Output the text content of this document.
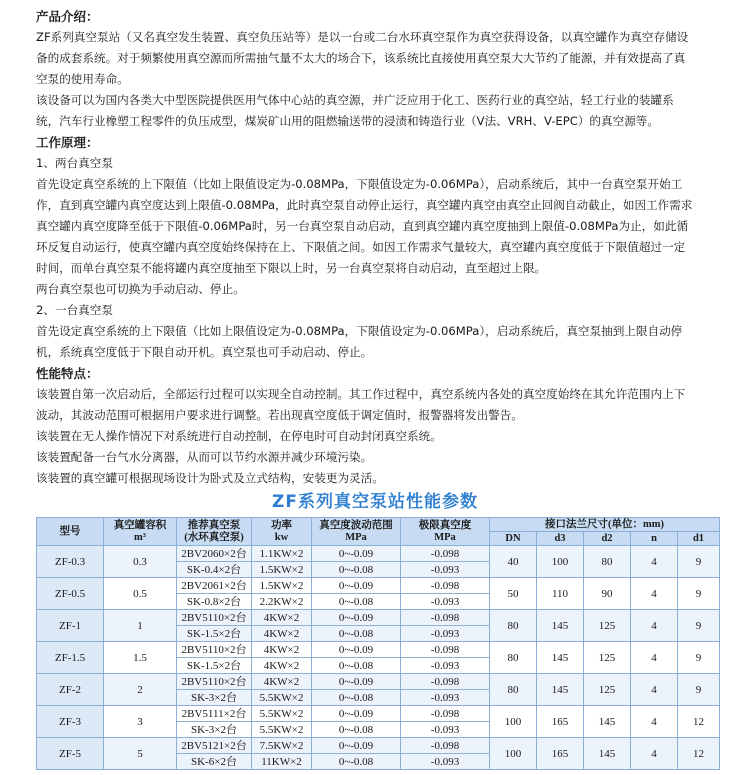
产品介绍：
ZF系列真空泵站（又名真空发生装置、真空负压站等）是以一台或二台水环真空泵作为真空获得设备，以真空罐作为真空存储设
备的成套系统。对于频繁使用真空源而所需抽气量不太大的场合下，该系统比直接使用真空泵大大节约了能源，并有效提高了真
空泵的使用寿命。
该设备可以为国内各类大中型医院提供医用气体中心站的真空源，并广泛应用于化工、医药行业的真空站，轻工行业的装罐系
统，汽车行业橡塑工程零件的负压成型，煤炭矿山用的阻燃输送带的浸渍和铸造行业（V法、VRH、V-EPC）的真空源等。
工作原理：
1、两台真空泵
首先设定真空系统的上下限值（比如上限值设定为-0.08MPa，下限值设定为-0.06MPa），启动系统后，其中一台真空泵开始工
作，直到真空罐内真空度达到上限值-0.08MPa，此时真空泵自动停止运行，真空罐内真空由真空止回阀自动截止，如因工作需求
真空罐内真空度降至低于下限值-0.06MPa时，另一台真空泵自动启动，直到真空罐内真空度抽到上限值-0.08MPa为止，如此循
环反复自动运行，使真空罐内真空度始终保持在上、下限值之间。如因工作需求气量较大，真空罐内真空度低于下限值超过一定
时间，而单台真空泵不能将罐内真空度抽至下限以上时，另一台真空泵将自动启动，直至超过上限。
两台真空泵也可切换为手动启动、停止。
2、一台真空泵
首先设定真空系统的上下限值（比如上限值设定为-0.08MPa，下限值设定为-0.06MPa），启动系统后，真空泵抽到上限自动停
机，系统真空度低于下限自动开机。真空泵也可手动启动、停止。
性能特点：
该装置自第一次启动后，全部运行过程可以实现全自动控制。其工作过程中，真空系统内各处的真空度始终在其允许范围内上下
波动，其波动范围可根据用户要求进行调整。若出现真空度低于调定值时，报警器将发出警告。
该装置在无人操作情况下对系统进行自动控制，在停电时可自动封闭真空系统。
该装置配备一台气水分离器，从而可以节约水源并减少环境污染。
该装置的真空罐可根据现场设计为卧式及立式结构，安装更为灵活。
ZF系列真空泵站性能参数
型号	真空罐容积
m³	推荐真空泵
(水环真空泵)	功率
kw	真空度波动范围
MPa	极限真空度
MPa	接口法兰尺寸(单位：mm)				
						DN	d3	d2	n	d1
ZF-0.3	0.3	2BV2060×2台	1.1KW×2	0~-0.09	-0.098	40	100	80	4	9
		SK-0.4×2台	1.5KW×2	0~-0.08	-0.093					
ZF-0.5	0.5	2BV2061×2台	1.5KW×2	0~-0.09	-0.098	50	110	90	4	9
		SK-0.8×2台	2.2KW×2	0~-0.08	-0.093					
ZF-1	1	2BV5110×2台	4KW×2	0~-0.09	-0.098	80	145	125	4	9
		SK-1.5×2台	4KW×2	0~-0.08	-0.093					
ZF-1.5	1.5	2BV5110×2台	4KW×2	0~-0.09	-0.098	80	145	125	4	9
		SK-1.5×2台	4KW×2	0~-0.08	-0.093					
ZF-2	2	2BV5110×2台	4KW×2	0~-0.09	-0.098	80	145	125	4	9
		SK-3×2台	5.5KW×2	0~-0.08	-0.093					
ZF-3	3	2BV5111×2台	5.5KW×2	0~-0.09	-0.098	100	165	145	4	12
		SK-3×2台	5.5KW×2	0~-0.08	-0.093					
ZF-5	5	2BV5121×2台	7.5KW×2	0~-0.09	-0.098	100	165	145	4	12
		SK-6×2台	11KW×2	0~-0.08	-0.093					
